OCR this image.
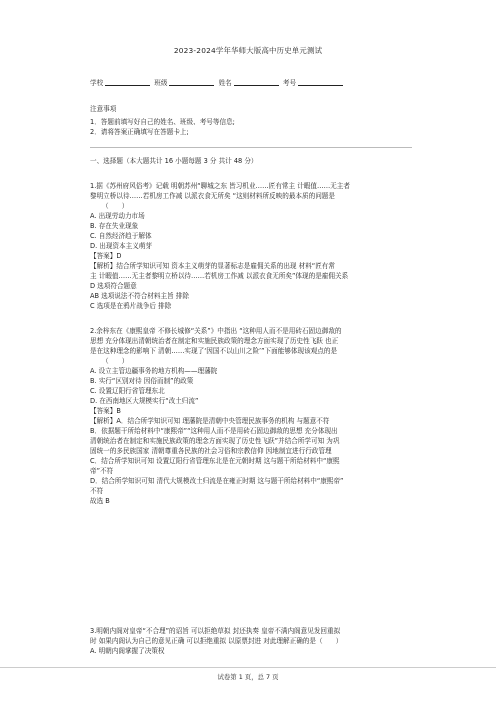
2023-2024学年华师大版高中历史单元测试
学校	班级	姓名	考号
注意事项
1．答题前填写好自己的姓名、班级、考号等信息;
2．请将答案正确填写在答题卡上;
一、选择题（本大题共计 16 小题每题 3 分 共计 48 分）
1.据《苏州府风俗考》记载 明朝苏州“聊城之东 皆习机业……匠有常主 计暇值……无主者
黎明立桥以待……若机房工作减 以派衣食无所矣 “这则材料所反映的最本质的问题是
（　　）
A. 出现劳动力市场
B. 存在失业现象
C. 自然经济趋于解体
D. 出现资本主义萌芽
【答案】D
【解析】结合所学知识可知 资本主义萌芽的显著标志是雇佣关系的出现 材料“匠有常
主 计暇值……无主者黎明立桥以待……若机房工作减 以派衣食无所矣”体现的是雇佣关系
D 选项符合题意
AB 选项说法不符合材料主旨 排除
C 选项是在鸦片战争后 排除
2.余梓东在《康熙皇帝 不修长城修“关系”》中指出 “这种用人而不是用砖石固边御敌的
思想 充分体现出清朝统治者在制定和实施民族政策的理念方面实现了历史性飞跃 也正
是在这种理念的影响下 清朝……实现了‘因国不以山川之险’”下面能够体现该观点的是
（　　）
A. 设立主管边疆事务的地方机构——理藩院
B. 实行“区别对待 因俗而制”的政策
C. 设置辽阳行省管理东北
D. 在西南地区大规模实行“改土归流”
【答案】B
【解析】A．结合所学知识可知 理藩院是清朝中央管理民族事务的机构 与题意不符
B．依据题干所给材料中“康熙帝”“这种用人而不是用砖石固边御敌的思想 充分体现出
清朝统治者在制定和实施民族政策的理念方面实现了历史性飞跃”并结合所学可知 为巩
固统一的多民族国家 清朝尊重各民族的社会习俗和宗教信仰 因地制宜进行行政管理
C．结合所学知识可知 设置辽阳行省管理东北是在元朝时期 这与题干所给材料中“康熙
帝”不符
D．结合所学知识可知 清代大规模改土归流是在雍正时期 这与题干所给材料中“康熙帝”
不符
故选 B
3.明朝内阁对皇帝“不合理”的诏旨 可以拒绝草拟 封还执奏 皇帝不满内阁意见发回重拟
时 如果内阁认为自己的意见正确 可以拒绝重拟 以原票封进 对此理解正确的是（　　）
A. 明朝内阁掌握了决策权
试卷第 1 页，总 7 页
